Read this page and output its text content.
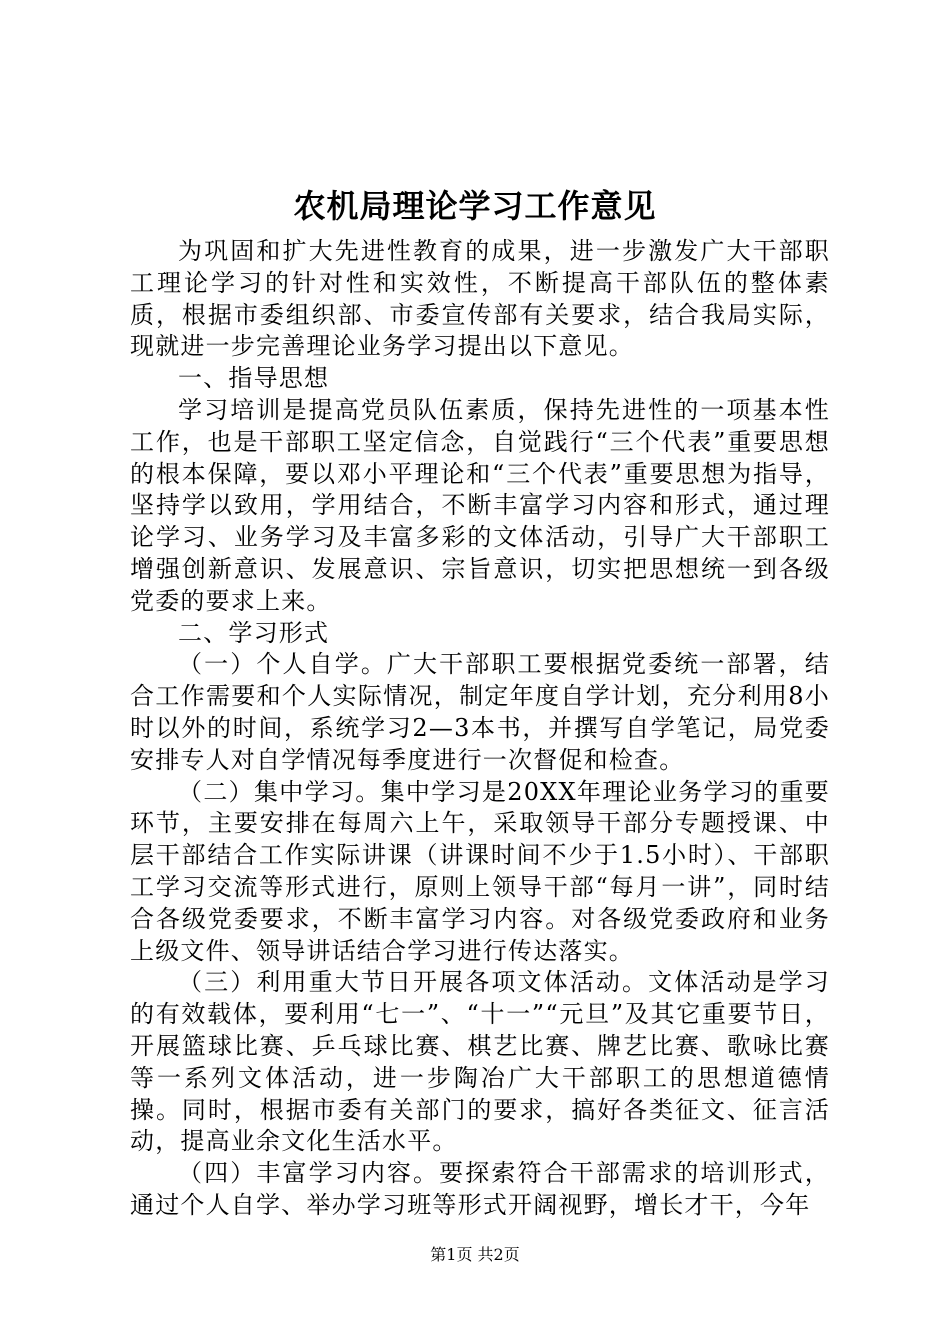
农机局理论学习工作意见

为巩固和扩大先进性教育的成果，进一步激发广大干部职工理论学习的针对性和实效性，不断提高干部队伍的整体素质，根据市委组织部、市委宣传部有关要求，结合我局实际，现就进一步完善理论业务学习提出以下意见。

一、指导思想

学习培训是提高党员队伍素质，保持先进性的一项基本性工作，也是干部职工坚定信念，自觉践行“三个代表”重要思想的根本保障，要以邓小平理论和“三个代表”重要思想为指导，坚持学以致用，学用结合，不断丰富学习内容和形式，通过理论学习、业务学习及丰富多彩的文体活动，引导广大干部职工增强创新意识、发展意识、宗旨意识，切实把思想统一到各级党委的要求上来。

二、学习形式

（一）个人自学。广大干部职工要根据党委统一部署，结合工作需要和个人实际情况，制定年度自学计划，充分利用8小时以外的时间，系统学习2—3本书，并撰写自学笔记，局党委安排专人对自学情况每季度进行一次督促和检查。

（二）集中学习。集中学习是20XX年理论业务学习的重要环节，主要安排在每周六上午，采取领导干部分专题授课、中层干部结合工作实际讲课（讲课时间不少于1.5小时）、干部职工学习交流等形式进行，原则上领导干部“每月一讲”，同时结合各级党委要求，不断丰富学习内容。对各级党委政府和业务上级文件、领导讲话结合学习进行传达落实。

（三）利用重大节日开展各项文体活动。文体活动是学习的有效载体，要利用“七一”、“十一”“元旦”及其它重要节日，开展篮球比赛、乒乓球比赛、棋艺比赛、牌艺比赛、歌咏比赛等一系列文体活动，进一步陶冶广大干部职工的思想道德情操。同时，根据市委有关部门的要求，搞好各类征文、征言活动，提高业余文化生活水平。

（四）丰富学习内容。要探索符合干部需求的培训形式，通过个人自学、举办学习班等形式开阔视野，增长才干，今年

第1页 共2页
